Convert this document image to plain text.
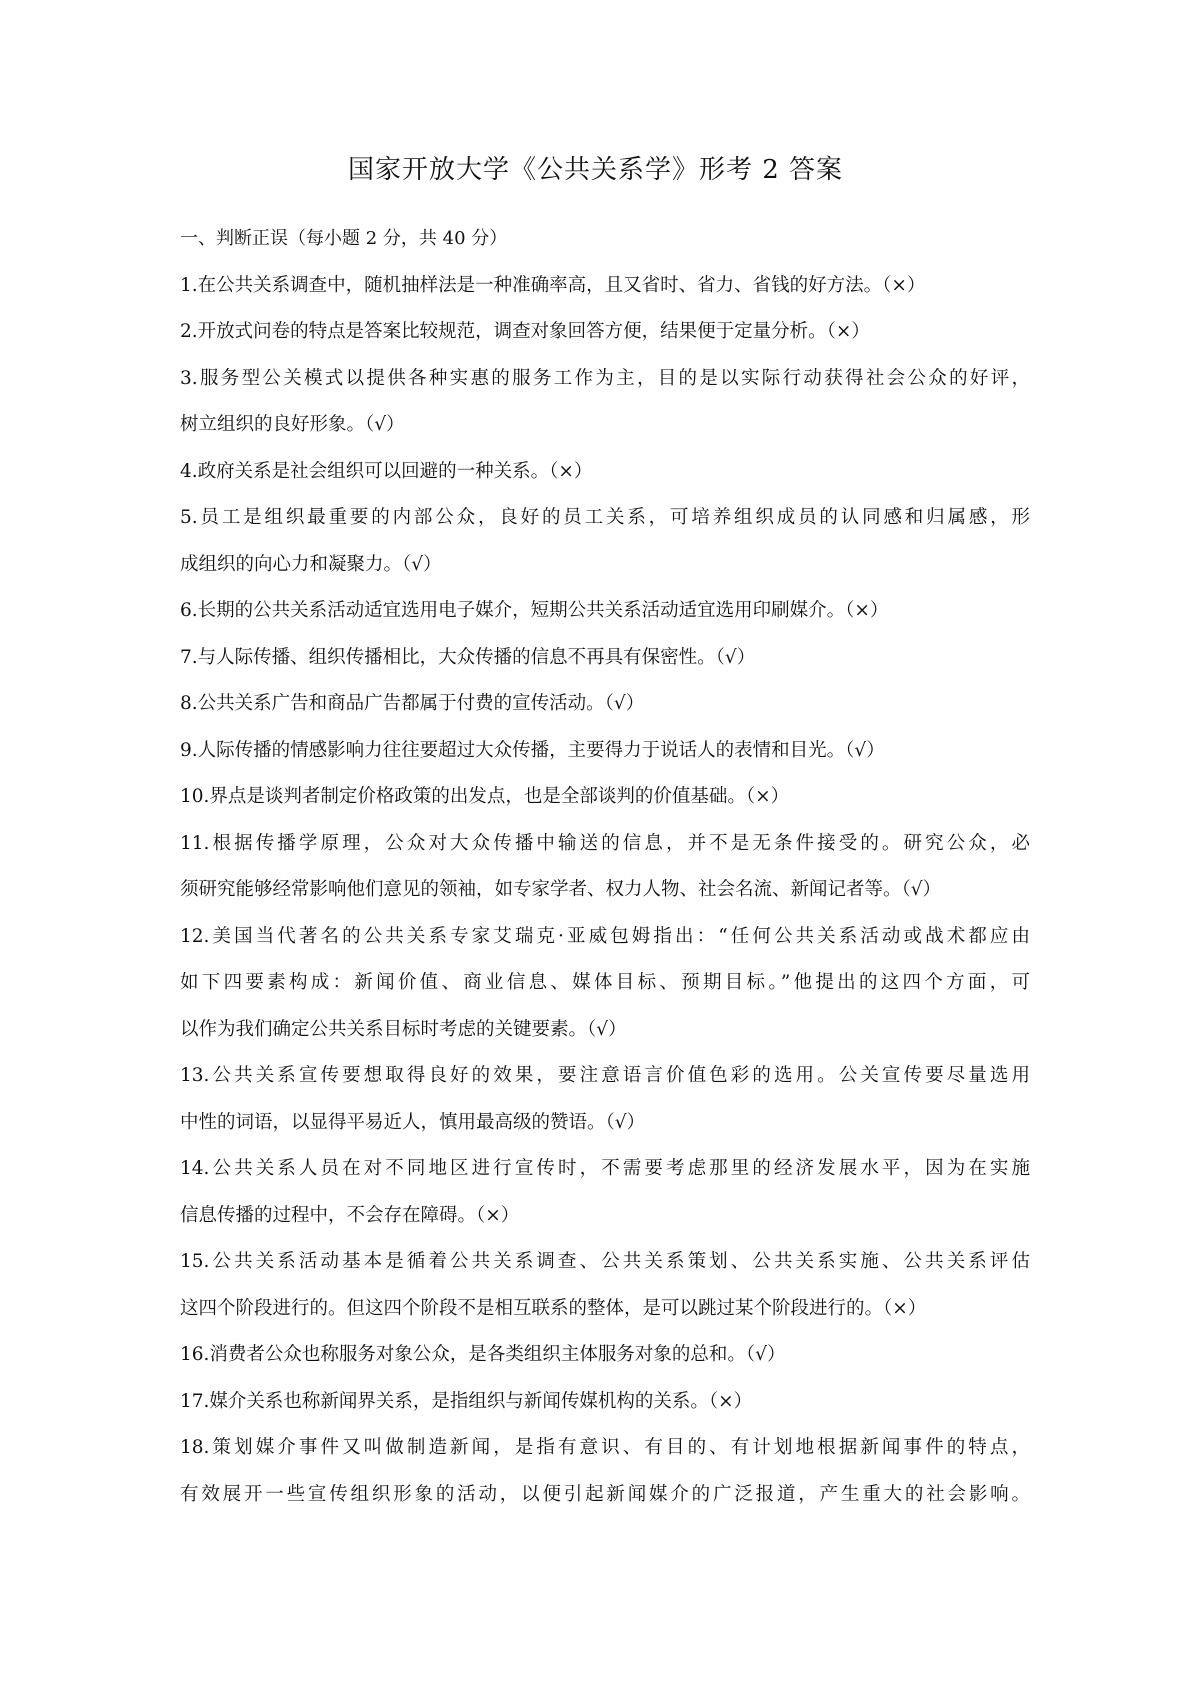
国家开放大学《公共关系学》形考 2 答案

一、判断正误（每小题 2 分，共 40 分）

1.在公共关系调查中，随机抽样法是一种准确率高，且又省时、省力、省钱的好方法。（×）
2.开放式问卷的特点是答案比较规范，调查对象回答方便，结果便于定量分析。（×）
3.服务型公关模式以提供各种实惠的服务工作为主，目的是以实际行动获得社会公众的好评，
树立组织的良好形象。（√）
4.政府关系是社会组织可以回避的一种关系。（×）
5.员工是组织最重要的内部公众，良好的员工关系，可培养组织成员的认同感和归属感，形
成组织的向心力和凝聚力。（√）
6.长期的公共关系活动适宜选用电子媒介，短期公共关系活动适宜选用印刷媒介。（×）
7.与人际传播、组织传播相比，大众传播的信息不再具有保密性。（√）
8.公共关系广告和商品广告都属于付费的宣传活动。（√）
9.人际传播的情感影响力往往要超过大众传播，主要得力于说话人的表情和目光。（√）
10.界点是谈判者制定价格政策的出发点，也是全部谈判的价值基础。（×）
11.根据传播学原理，公众对大众传播中输送的信息，并不是无条件接受的。研究公众，必
须研究能够经常影响他们意见的领袖，如专家学者、权力人物、社会名流、新闻记者等。（√）
12.美国当代著名的公共关系专家艾瑞克·亚威包姆指出：“任何公共关系活动或战术都应由
如下四要素构成：新闻价值、商业信息、媒体目标、预期目标。”他提出的这四个方面，可
以作为我们确定公共关系目标时考虑的关键要素。（√）
13.公共关系宣传要想取得良好的效果，要注意语言价值色彩的选用。公关宣传要尽量选用
中性的词语，以显得平易近人，慎用最高级的赞语。（√）
14.公共关系人员在对不同地区进行宣传时，不需要考虑那里的经济发展水平，因为在实施
信息传播的过程中，不会存在障碍。（×）
15.公共关系活动基本是循着公共关系调查、公共关系策划、公共关系实施、公共关系评估
这四个阶段进行的。但这四个阶段不是相互联系的整体，是可以跳过某个阶段进行的。（×）
16.消费者公众也称服务对象公众，是各类组织主体服务对象的总和。（√）
17.媒介关系也称新闻界关系，是指组织与新闻传媒机构的关系。（×）
18.策划媒介事件又叫做制造新闻，是指有意识、有目的、有计划地根据新闻事件的特点，
有效展开一些宣传组织形象的活动，以便引起新闻媒介的广泛报道，产生重大的社会影响。
